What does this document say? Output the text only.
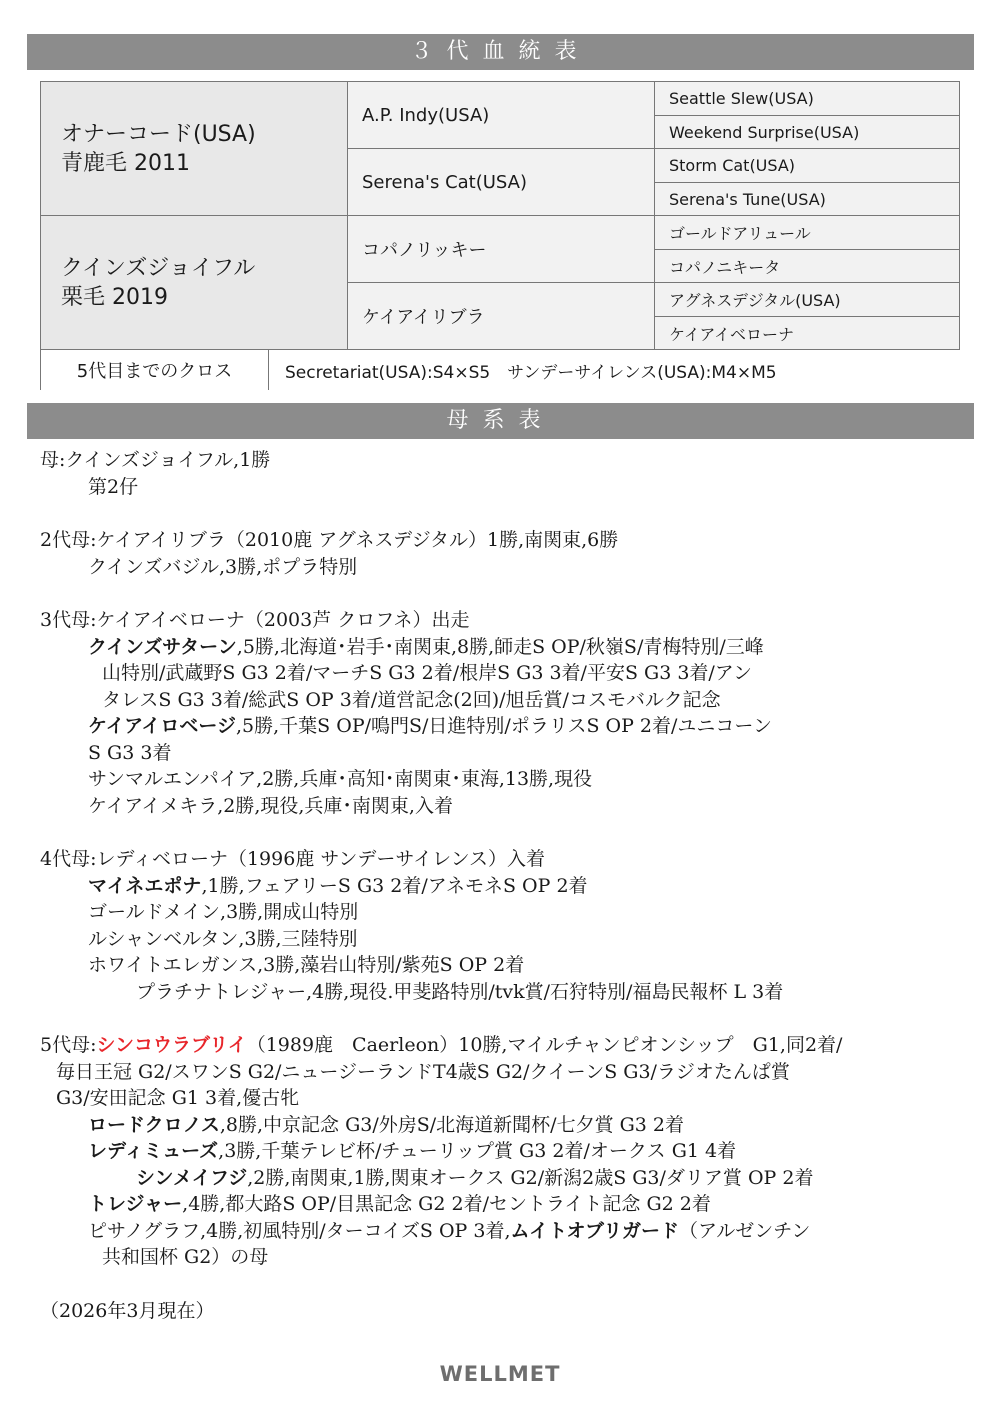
３代血統表
オナーコード(USA)
青鹿毛 2011
クインズジョイフル
栗毛 2019
A.P. Indy(USA)
Serena's Cat(USA)
コパノリッキー
ケイアイリブラ
Seattle Slew(USA)
Weekend Surprise(USA)
Storm Cat(USA)
Serena's Tune(USA)
ゴールドアリュール
コパノニキータ
アグネスデジタル(USA)
ケイアイベローナ
5代目までのクロス	Secretariat(USA):S4×S5　サンデーサイレンス(USA):M4×M5
母系表
母:クインズジョイフル,1勝
第2仔
2代母:ケイアイリブラ（2010鹿 アグネスデジタル）1勝,南関東,6勝
クインズバジル,3勝,ポプラ特別
3代母:ケイアイベローナ（2003芦 クロフネ）出走
クインズサターン,5勝,北海道･岩手･南関東,8勝,師走S OP/秋嶺S/青梅特別/三峰
山特別/武蔵野S G3 2着/マーチS G3 2着/根岸S G3 3着/平安S G3 3着/アン
タレスS G3 3着/総武S OP 3着/道営記念(2回)/旭岳賞/コスモバルク記念
ケイアイロベージ,5勝,千葉S OP/鳴門S/日進特別/ポラリスS OP 2着/ユニコーン
S G3 3着
サンマルエンパイア,2勝,兵庫･高知･南関東･東海,13勝,現役
ケイアイメキラ,2勝,現役,兵庫･南関東,入着
4代母:レディベローナ（1996鹿 サンデーサイレンス）入着
マイネエポナ,1勝,フェアリーS G3 2着/アネモネS OP 2着
ゴールドメイン,3勝,開成山特別
ルシャンベルタン,3勝,三陸特別
ホワイトエレガンス,3勝,藻岩山特別/紫苑S OP 2着
プラチナトレジャー,4勝,現役.甲斐路特別/tvk賞/石狩特別/福島民報杯 L 3着
5代母:シンコウラブリイ（1989鹿　Caerleon）10勝,マイルチャンピオンシップ　G1,同2着/
毎日王冠 G2/スワンS G2/ニュージーランドT4歳S G2/クイーンS G3/ラジオたんぱ賞
G3/安田記念 G1 3着,優古牝
ロードクロノス,8勝,中京記念 G3/外房S/北海道新聞杯/七夕賞 G3 2着
レディミューズ,3勝,千葉テレビ杯/チューリップ賞 G3 2着/オークス G1 4着
シンメイフジ,2勝,南関東,1勝,関東オークス G2/新潟2歳S G3/ダリア賞 OP 2着
トレジャー,4勝,都大路S OP/目黒記念 G2 2着/セントライト記念 G2 2着
ピサノグラフ,4勝,初風特別/ターコイズS OP 3着,ムイトオブリガード（アルゼンチン
共和国杯 G2）の母
（2026年3月現在）
WELLMET
